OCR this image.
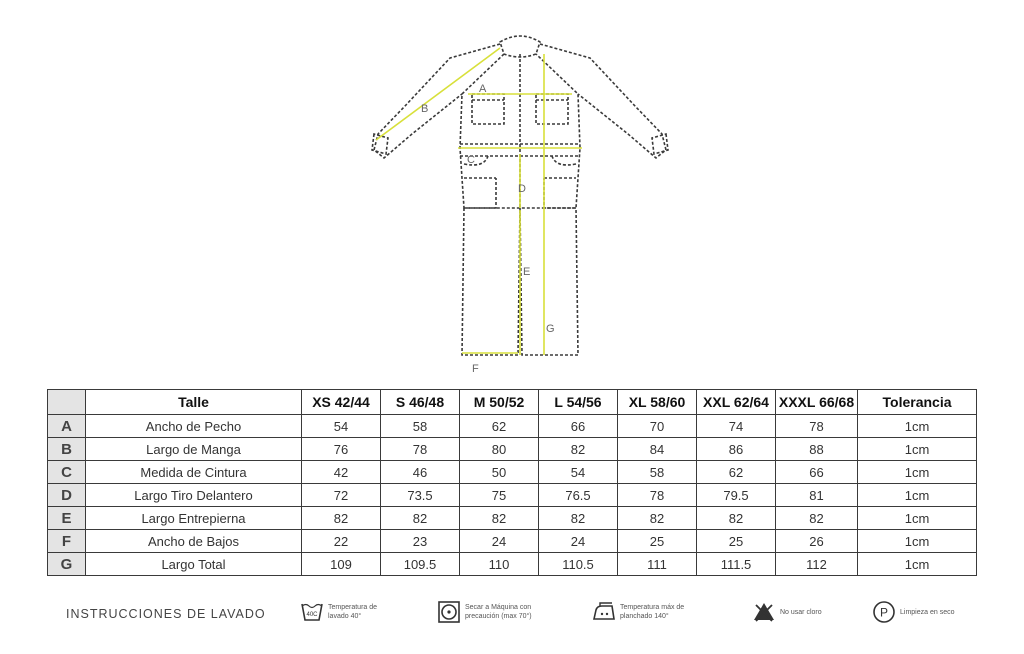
A
B
C
D
E
F
G
	Talle	XS 42/44	S 46/48	M 50/52	L 54/56	XL 58/60	XXL 62/64	XXXL 66/68	Tolerancia
A	Ancho de Pecho	54	58	62	66	70	74	78	1cm
B	Largo de Manga	76	78	80	82	84	86	88	1cm
C	Medida de Cintura	42	46	50	54	58	62	66	1cm
D	Largo Tiro Delantero	72	73.5	75	76.5	78	79.5	81	1cm
E	Largo Entrepierna	82	82	82	82	82	82	82	1cm
F	Ancho de Bajos	22	23	24	24	25	25	26	1cm
G	Largo Total	109	109.5	110	110.5	111	111.5	112	1cm
INSTRUCCIONES DE LAVADO	40C
Temperatura de
lavado 40°
Secar a Máquina con
precaución (max 70°)
Temperatura máx de
planchado 140°
No usar cloro	P Limpieza en seco
